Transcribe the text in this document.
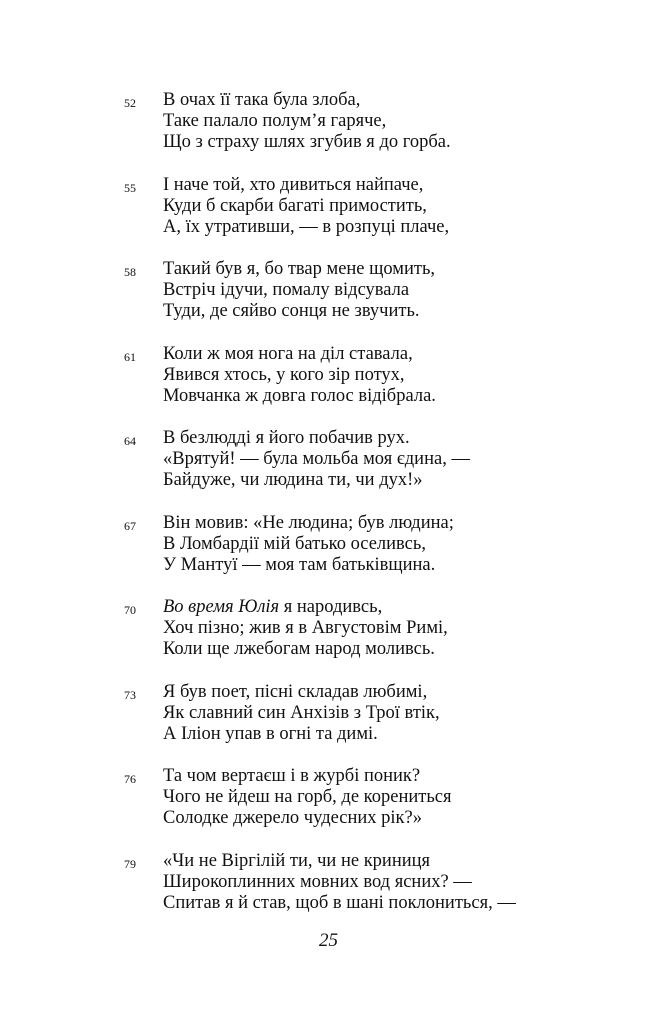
52 В очах її така була злоба,
Таке палало полум’я гаряче,
Що з страху шлях згубив я до горба.
55 І наче той, хто дивиться найпаче,
Куди б скарби багаті примостить,
А, їх утративши, — в розпуці плаче,
58 Такий був я, бо твар мене щомить,
Встріч ідучи, помалу відсувала
Туди, де сяйво сонця не звучить.
61 Коли ж моя нога на діл ставала,
Явився хтось, у кого зір потух,
Мовчанка ж довга голос відібрала.
64 В безлюдді я його побачив рух.
«Врятуй! — була мольба моя єдина, —
Байдуже, чи людина ти, чи дух!»
67 Він мовив: «Не людина; був людина;
В Ломбардії мій батько оселивсь,
У Мантуї — моя там батьківщина.
70 Во время Юлія я народивсь,
Хоч пізно; жив я в Августовім Римі,
Коли ще лжебогам народ моливсь.
73 Я був поет, пісні складав любимі,
Як славний син Анхізів з Трої втік,
А Іліон упав в огні та димі.
76 Та чом вертаєш і в журбі поник?
Чого не йдеш на горб, де корениться
Солодке джерело чудесних рік?»
79 «Чи не Віргілій ти, чи не криниця
Широкоплинних мовних вод ясних? —
Спитав я й став, щоб в шані поклониться, —
25
